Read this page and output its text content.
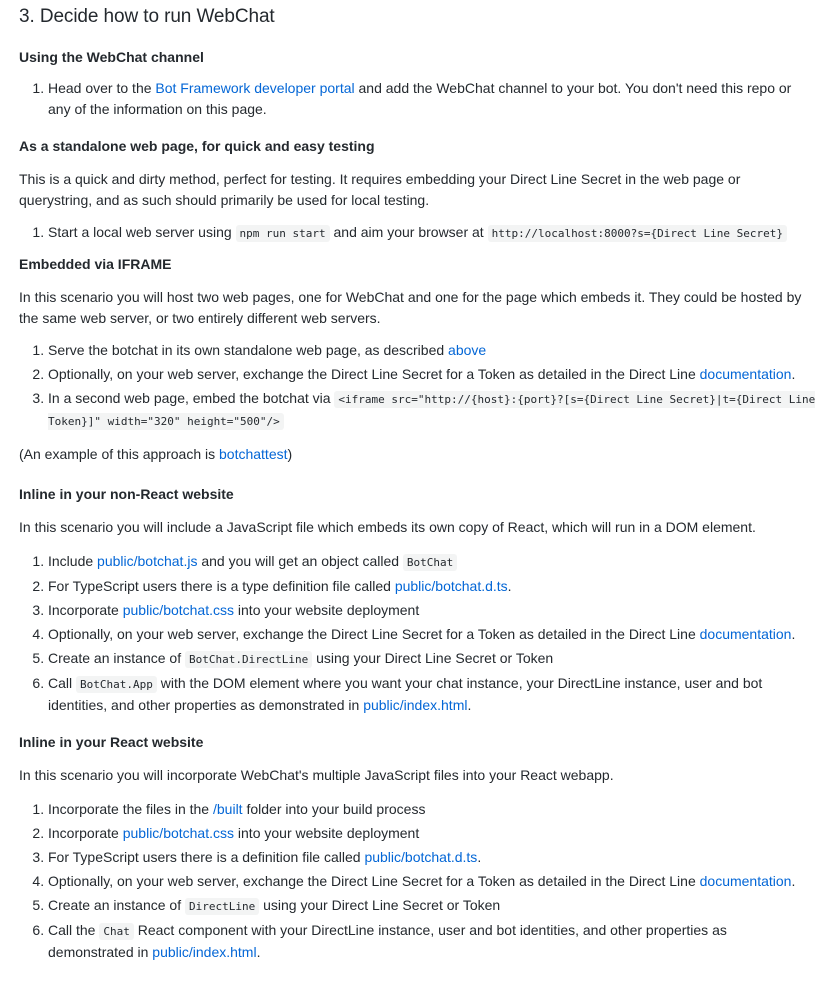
3. Decide how to run WebChat
Using the WebChat channel
1. Head over to the Bot Framework developer portal and add the WebChat channel to your bot. You don't need this repo or any of the information on this page.
As a standalone web page, for quick and easy testing

This is a quick and dirty method, perfect for testing. It requires embedding your Direct Line Secret in the web page or querystring, and as such should primarily be used for local testing.

1. Start a local web server using npm run start and aim your browser at http://localhost:8000?s={Direct Line Secret}
Embedded via IFRAME

In this scenario you will host two web pages, one for WebChat and one for the page which embeds it. They could be hosted by the same web server, or two entirely different web servers.

1. Serve the botchat in its own standalone web page, as described above
2. Optionally, on your web server, exchange the Direct Line Secret for a Token as detailed in the Direct Line documentation.
3. In a second web page, embed the botchat via <iframe src="http://{host}:{port}?[s={Direct Line Secret}|t={Direct Line Token}]" width="320" height="500"/>

(An example of this approach is botchattest)

Inline in your non-React website

In this scenario you will include a JavaScript file which embeds its own copy of React, which will run in a DOM element.

1. Include public/botchat.js and you will get an object called BotChat
2. For TypeScript users there is a type definition file called public/botchat.d.ts.
3. Incorporate public/botchat.css into your website deployment
4. Optionally, on your web server, exchange the Direct Line Secret for a Token as detailed in the Direct Line documentation.
5. Create an instance of BotChat.DirectLine using your Direct Line Secret or Token
6. Call BotChat.App with the DOM element where you want your chat instance, your DirectLine instance, user and bot identities, and other properties as demonstrated in public/index.html.
Inline in your React website

In this scenario you will incorporate WebChat's multiple JavaScript files into your React webapp.

1. Incorporate the files in the /built folder into your build process
2. Incorporate public/botchat.css into your website deployment
3. For TypeScript users there is a definition file called public/botchat.d.ts.
4. Optionally, on your web server, exchange the Direct Line Secret for a Token as detailed in the Direct Line documentation.
5. Create an instance of DirectLine using your Direct Line Secret or Token
6. Call the Chat React component with your DirectLine instance, user and bot identities, and other properties as demonstrated in public/index.html.
